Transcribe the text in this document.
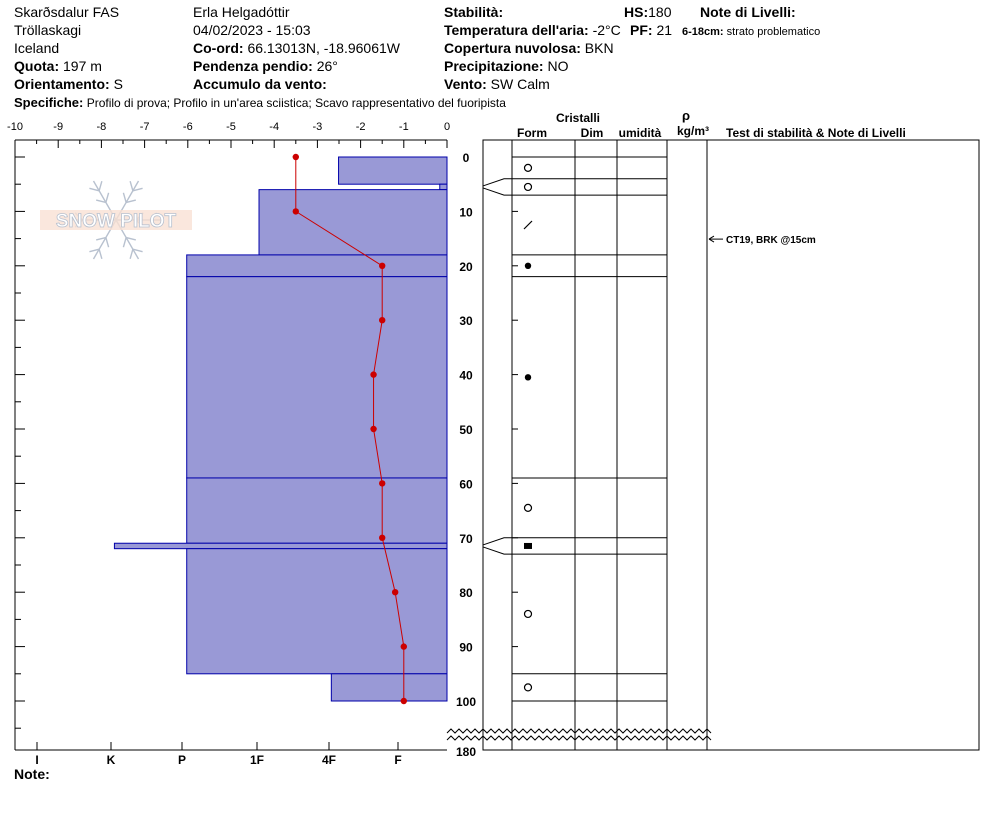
SNOW PILOT
-10	-9	-8	-7	-6	-5	-4	-3	-2	-1	0
I	K	P	1F	4F	F
0
10
20
30
40
50
60
70
80
90
100
180
Cristalli
Form	Dim umidità
ρ
kg/m³ Test di stabilità & Note di Livelli
CT19, BRK @15cm
Skarðsdalur FAS
Tröllaskagi
Iceland
Quota: 197 m
Orientamento: S
Erla Helgadóttir
04/02/2023 - 15:03
Co-ord: 66.13013N, -18.96061W
Pendenza pendio: 26°
Accumulo da vento:
Stabilità:
Temperatura dell'aria: -2°C
Copertura nuvolosa: BKN
Precipitazione: NO
Vento: SW Calm
HS:180
PF: 21
Note di Livelli:
6-18cm: strato problematico
Specifiche: Profilo di prova; Profilo in un'area sciistica; Scavo rappresentativo del fuoripista
Note:
